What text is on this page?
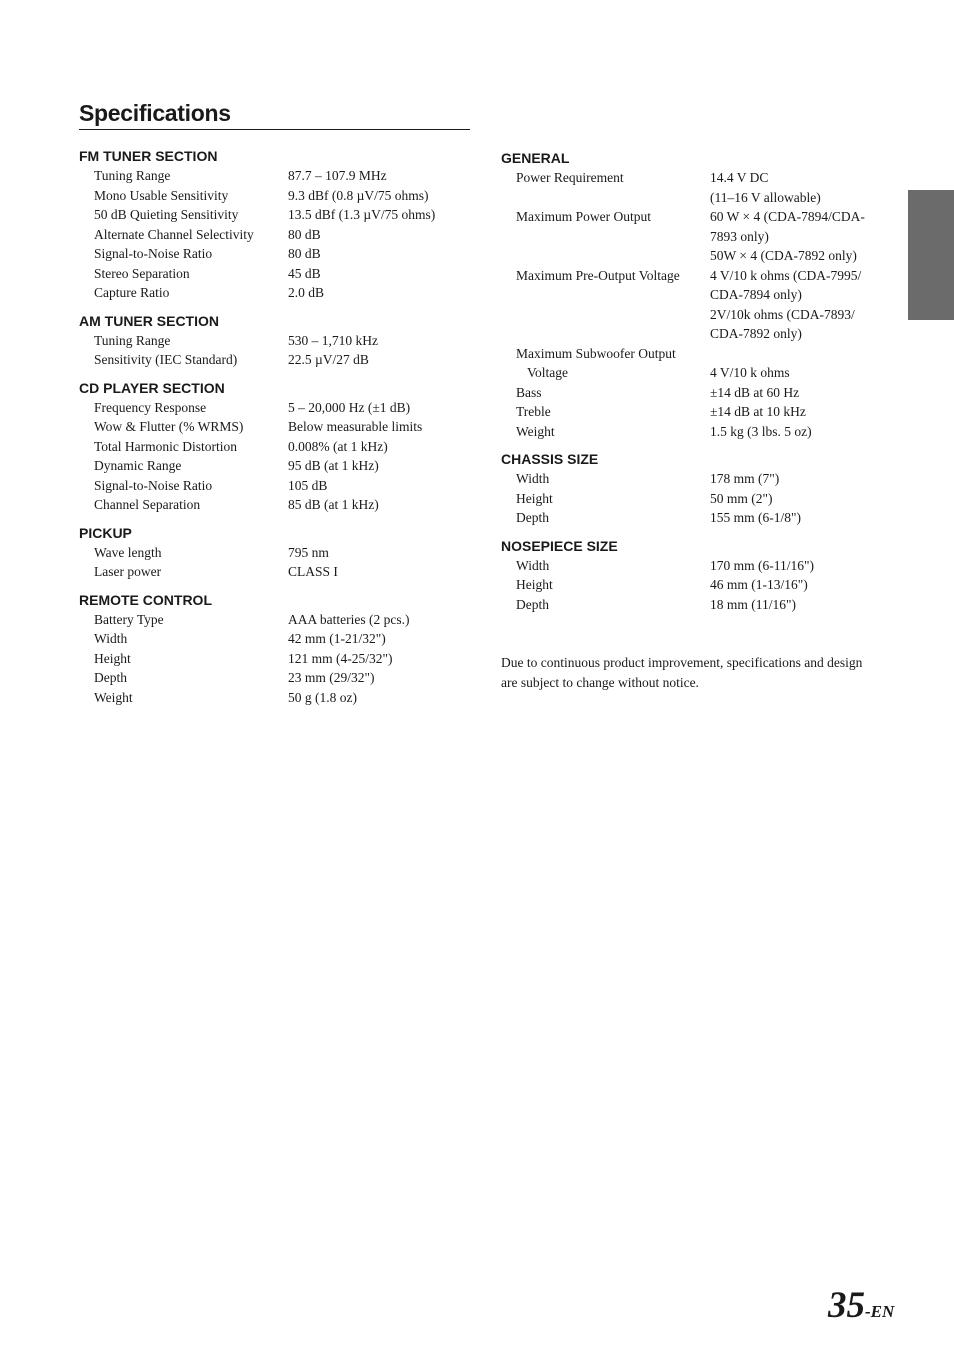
Specifications
FM TUNER SECTION
Tuning Range	87.7 – 107.9 MHz
Mono Usable Sensitivity	9.3 dBf (0.8 µV/75 ohms)
50 dB Quieting Sensitivity	13.5 dBf (1.3 µV/75 ohms)
Alternate Channel Selectivity	80 dB
Signal-to-Noise Ratio	80 dB
Stereo Separation	45 dB
Capture Ratio	2.0 dB
AM TUNER SECTION
Tuning Range	530 – 1,710 kHz
Sensitivity (IEC Standard)	22.5 µV/27 dB
CD PLAYER SECTION
Frequency Response	5 – 20,000 Hz (±1 dB)
Wow & Flutter (% WRMS)	Below measurable limits
Total Harmonic Distortion	0.008% (at 1 kHz)
Dynamic Range	95 dB (at 1 kHz)
Signal-to-Noise Ratio	105 dB
Channel Separation	85 dB (at 1 kHz)
PICKUP
Wave length	795 nm
Laser power	CLASS I
REMOTE CONTROL
Battery Type	AAA batteries (2 pcs.)
Width	42 mm (1-21/32")
Height	121 mm (4-25/32")
Depth	23 mm (29/32")
Weight	50 g (1.8 oz)
GENERAL
Power Requirement	14.4 V DC
(11–16 V allowable)
Maximum Power Output	60 W × 4 (CDA-7894/CDA-
7893 only)
50W × 4 (CDA-7892 only)
Maximum Pre-Output Voltage	4 V/10 k ohms (CDA-7995/
CDA-7894 only)
2V/10k ohms (CDA-7893/
CDA-7892 only)
Maximum Subwoofer Output
Voltage
	4 V/10 k ohms
Bass	±14 dB at 60 Hz
Treble	±14 dB at 10 kHz
Weight	1.5 kg (3 lbs. 5 oz)
CHASSIS SIZE
Width	178 mm (7")
Height	50 mm (2")
Depth	155 mm (6-1/8")
NOSEPIECE SIZE
Width	170 mm (6-11/16")
Height	46 mm (1-13/16")
Depth	18 mm (11/16")
Due to continuous product improvement, specifications and design are subject to change without notice.
35-EN
